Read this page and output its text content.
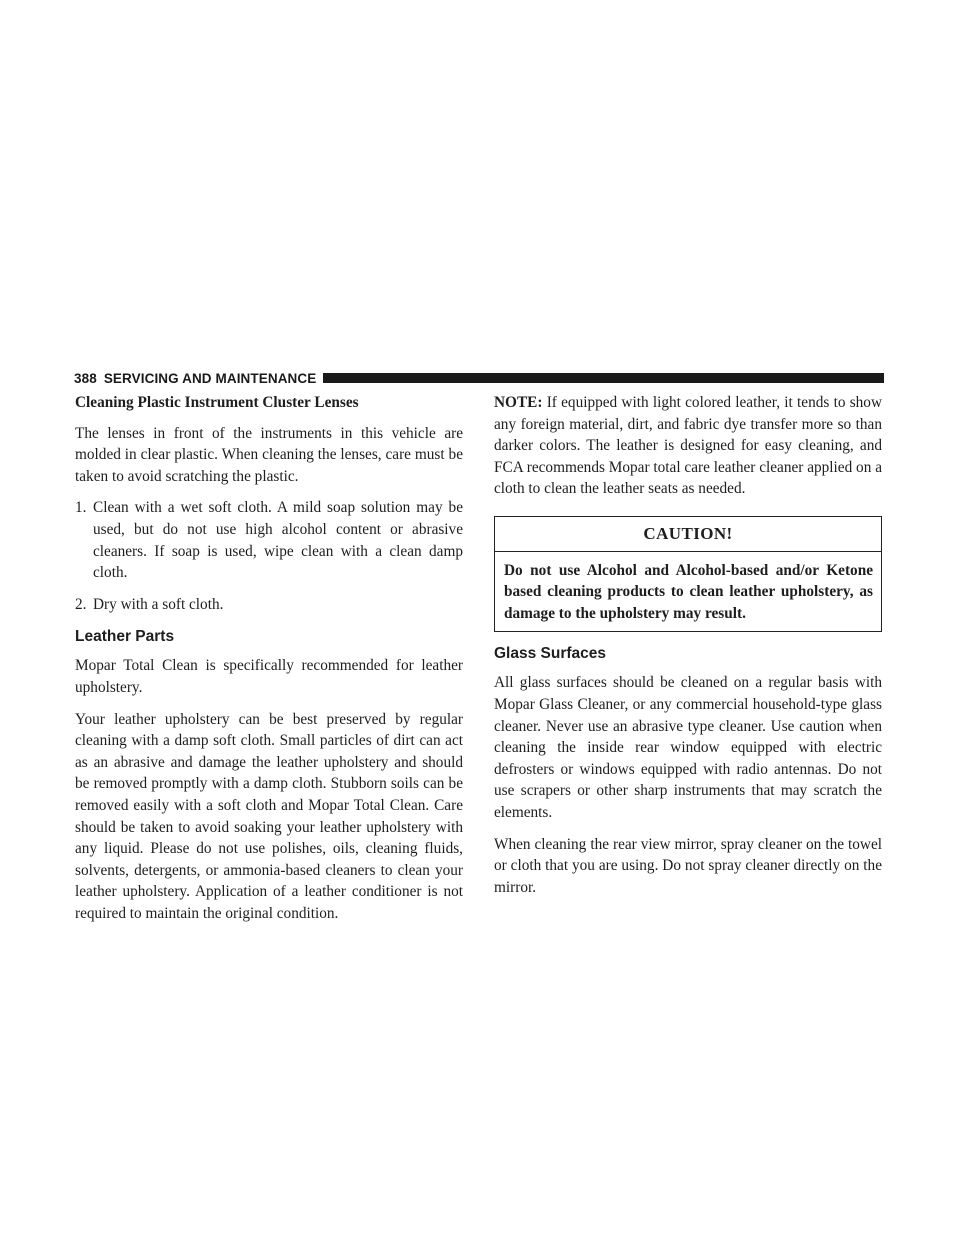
388 SERVICING AND MAINTENANCE
Cleaning Plastic Instrument Cluster Lenses

The lenses in front of the instruments in this vehicle are molded in clear plastic. When cleaning the lenses, care must be taken to avoid scratching the plastic.

1. Clean with a wet soft cloth. A mild soap solution may be used, but do not use high alcohol content or abrasive cleaners. If soap is used, wipe clean with a clean damp cloth.
2. Dry with a soft cloth.
Leather Parts

Mopar Total Clean is specifically recommended for leather upholstery.

Your leather upholstery can be best preserved by regular cleaning with a damp soft cloth. Small particles of dirt can act as an abrasive and damage the leather upholstery and should be removed promptly with a damp cloth. Stubborn soils can be removed easily with a soft cloth and Mopar Total Clean. Care should be taken to avoid soaking your leather upholstery with any liquid. Please do not use polishes, oils, cleaning fluids, solvents, detergents, or ammonia-based cleaners to clean your leather upholstery. Application of a leather conditioner is not required to maintain the original condition.

NOTE: If equipped with light colored leather, it tends to show any foreign material, dirt, and fabric dye transfer more so than darker colors. The leather is designed for easy cleaning, and FCA recommends Mopar total care leather cleaner applied on a cloth to clean the leather seats as needed.

CAUTION!
Do not use Alcohol and Alcohol-based and/or Ketone based cleaning products to clean leather upholstery, as damage to the upholstery may result.
Glass Surfaces

All glass surfaces should be cleaned on a regular basis with Mopar Glass Cleaner, or any commercial household-type glass cleaner. Never use an abrasive type cleaner. Use caution when cleaning the inside rear window equipped with electric defrosters or windows equipped with radio antennas. Do not use scrapers or other sharp instruments that may scratch the elements.

When cleaning the rear view mirror, spray cleaner on the towel or cloth that you are using. Do not spray cleaner directly on the mirror.
